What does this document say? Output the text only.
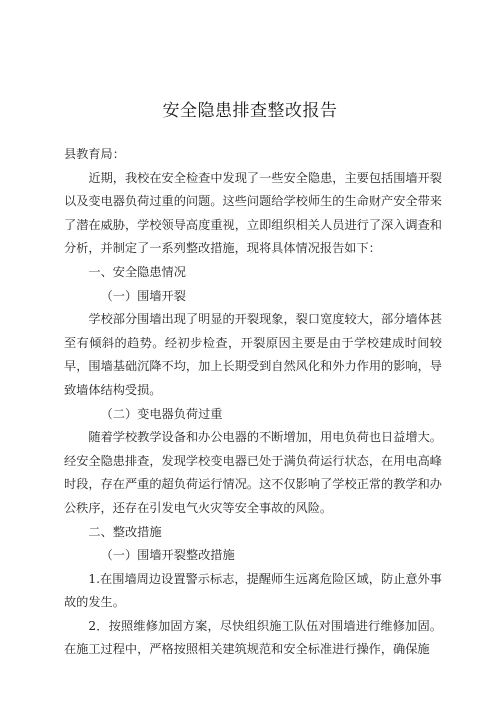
安全隐患排查整改报告

县教育局：

近期，我校在安全检查中发现了一些安全隐患，主要包括围墙开裂以及变电器负荷过重的问题。这些问题给学校师生的生命财产安全带来了潜在威胁，学校领导高度重视，立即组织相关人员进行了深入调查和分析，并制定了一系列整改措施，现将具体情况报告如下：

一、安全隐患情况

（一）围墙开裂

学校部分围墙出现了明显的开裂现象，裂口宽度较大，部分墙体甚至有倾斜的趋势。经初步检查，开裂原因主要是由于学校建成时间较早，围墙基础沉降不均，加上长期受到自然风化和外力作用的影响，导致墙体结构受损。

（二）变电器负荷过重

随着学校教学设备和办公电器的不断增加，用电负荷也日益增大。经安全隐患排查，发现学校变电器已处于满负荷运行状态，在用电高峰时段，存在严重的超负荷运行情况。这不仅影响了学校正常的教学和办公秩序，还存在引发电气火灾等安全事故的风险。

二、整改措施

（一）围墙开裂整改措施

1.在围墙周边设置警示标志，提醒师生远离危险区域，防止意外事故的发生。

2．按照维修加固方案，尽快组织施工队伍对围墙进行维修加固。在施工过程中，严格按照相关建筑规范和安全标准进行操作，确保施
